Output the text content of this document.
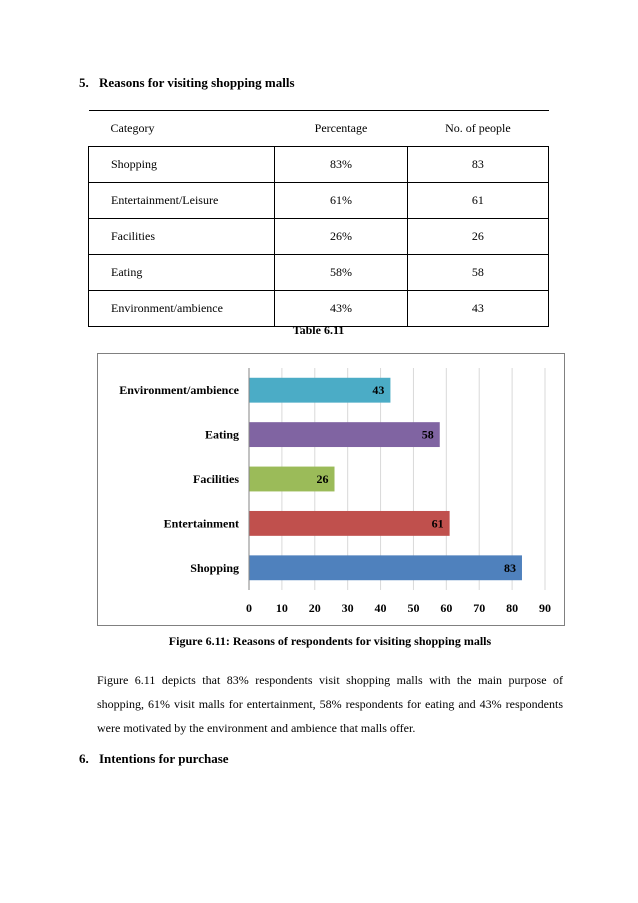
5. Reasons for visiting shopping malls
Category	Percentage	No. of people
Shopping	83%	83
Entertainment/Leisure	61%	61
Facilities	26%	26
Eating	58%	58
Environment/ambience	43%	43
Table 6.11
Environment/ambience	43
Eating	58
Facilities	26
Entertainment	61
Shopping	83
0 10 20 30 40 50 60 70 80 90
Figure 6.11: Reasons of respondents for visiting shopping malls
Figure 6.11 depicts that 83% respondents visit shopping malls with the main purpose of shopping, 61% visit malls for entertainment, 58% respondents for eating and 43% respondents were motivated by the environment and ambience that malls offer.
6. Intentions for purchase
